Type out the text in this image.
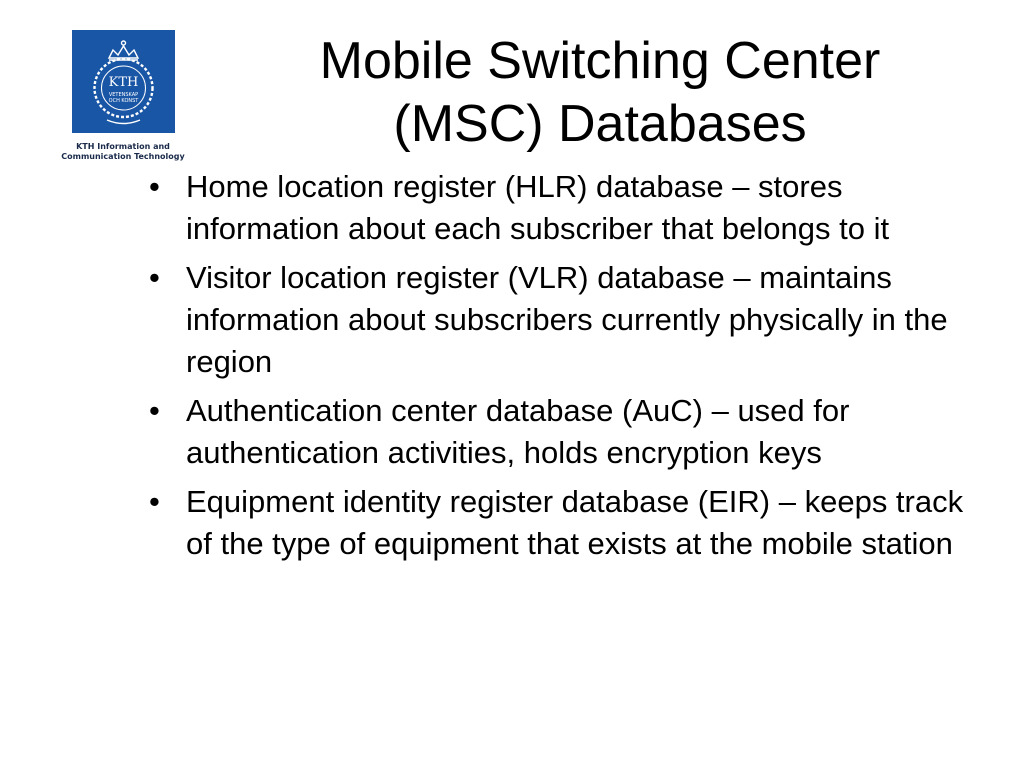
KTH
VETENSKAP
OCH KONST
KTH Information and
Communication Technology
Mobile Switching Center
(MSC) Databases
• Home location register (HLR) database – stores information about each subscriber that belongs to it
• Visitor location register (VLR) database – maintains information about subscribers currently physically in the region
• Authentication center database (AuC) – used for authentication activities, holds encryption keys
• Equipment identity register database (EIR) – keeps track of the type of equipment that exists at the mobile station
